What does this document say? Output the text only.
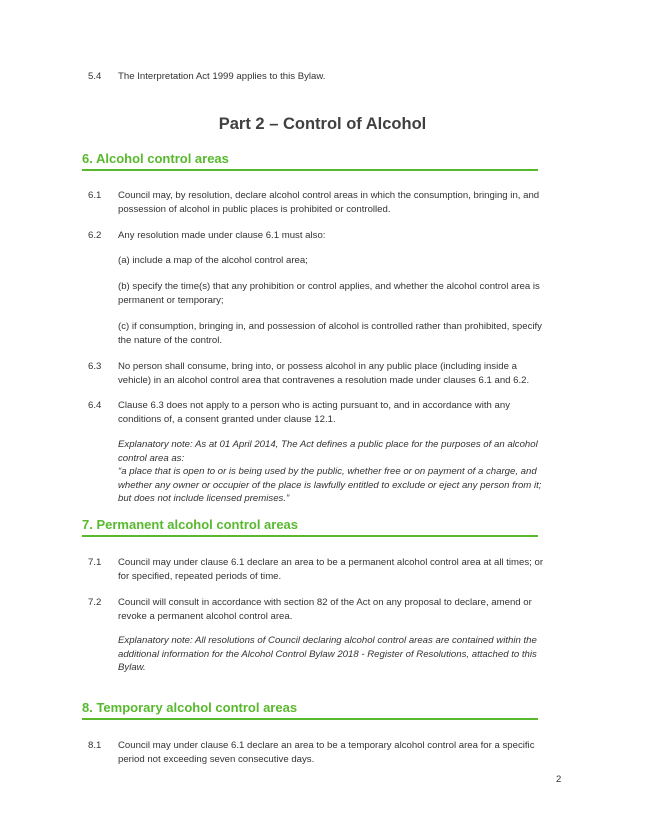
5.4	The Interpretation Act 1999 applies to this Bylaw.
Part 2 – Control of Alcohol
6. Alcohol control areas
6.1	Council may, by resolution, declare alcohol control areas in which the consumption, bringing in, and possession of alcohol in public places is prohibited or controlled.
6.2	Any resolution made under clause 6.1 must also:
(a) include a map of the alcohol control area;
(b) specify the time(s) that any prohibition or control applies, and whether the alcohol control area is permanent or temporary;
(c) if consumption, bringing in, and possession of alcohol is controlled rather than prohibited, specify the nature of the control.
6.3	No person shall consume, bring into, or possess alcohol in any public place (including inside a vehicle) in an alcohol control area that contravenes a resolution made under clauses 6.1 and 6.2.
6.4	Clause 6.3 does not apply to a person who is acting pursuant to, and in accordance with any conditions of, a consent granted under clause 12.1.
Explanatory note: As at 01 April 2014, The Act defines a public place for the purposes of an alcohol control area as:
“a place that is open to or is being used by the public, whether free or on payment of a charge, and whether any owner or occupier of the place is lawfully entitled to exclude or eject any person from it; but does not include licensed premises.”
7. Permanent alcohol control areas
7.1	Council may under clause 6.1 declare an area to be a permanent alcohol control area at all times; or for specified, repeated periods of time.
7.2	Council will consult in accordance with section 82 of the Act on any proposal to declare, amend or revoke a permanent alcohol control area.
Explanatory note: All resolutions of Council declaring alcohol control areas are contained within the additional information for the Alcohol Control Bylaw 2018 - Register of Resolutions, attached to this Bylaw.
8. Temporary alcohol control areas
8.1	Council may under clause 6.1 declare an area to be a temporary alcohol control area for a specific period not exceeding seven consecutive days.
2
